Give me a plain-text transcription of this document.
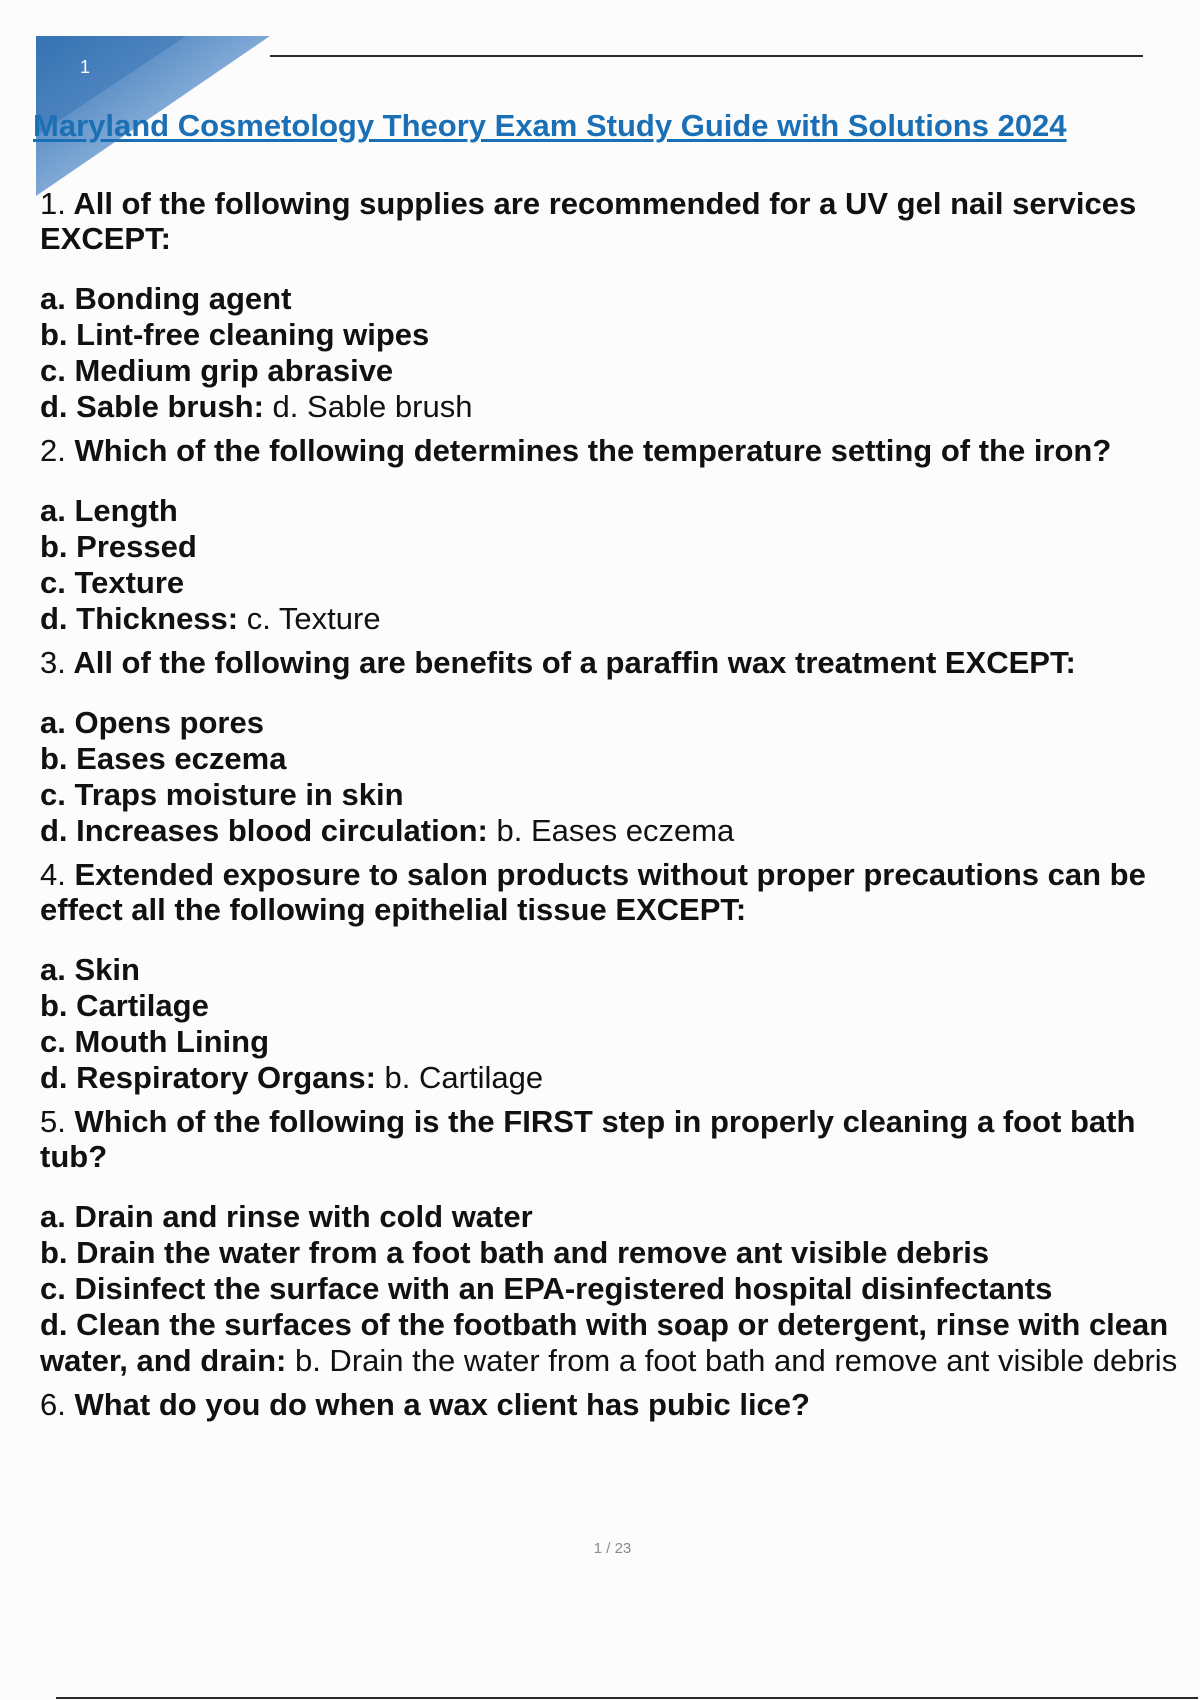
1
Maryland Cosmetology Theory Exam Study Guide with Solutions 2024

1. All of the following supplies are recommended for a UV gel nail services EXCEPT:

a. Bonding agent
b. Lint-free cleaning wipes
c. Medium grip abrasive
d. Sable brush: d. Sable brush

2. Which of the following determines the temperature setting of the iron?

a. Length
b. Pressed
c. Texture
d. Thickness: c. Texture

3. All of the following are benefits of a paraffin wax treatment EXCEPT:

a. Opens pores
b. Eases eczema
c. Traps moisture in skin
d. Increases blood circulation: b. Eases eczema

4. Extended exposure to salon products without proper precautions can be effect all the following epithelial tissue EXCEPT:

a. Skin
b. Cartilage
c. Mouth Lining
d. Respiratory Organs: b. Cartilage

5. Which of the following is the FIRST step in properly cleaning a foot bath tub?

a. Drain and rinse with cold water
b. Drain the water from a foot bath and remove ant visible debris
c. Disinfect the surface with an EPA-registered hospital disinfectants
d. Clean the surfaces of the footbath with soap or detergent, rinse with clean water, and drain: b. Drain the water from a foot bath and remove ant visible debris

6. What do you do when a wax client has pubic lice?

1 / 23
